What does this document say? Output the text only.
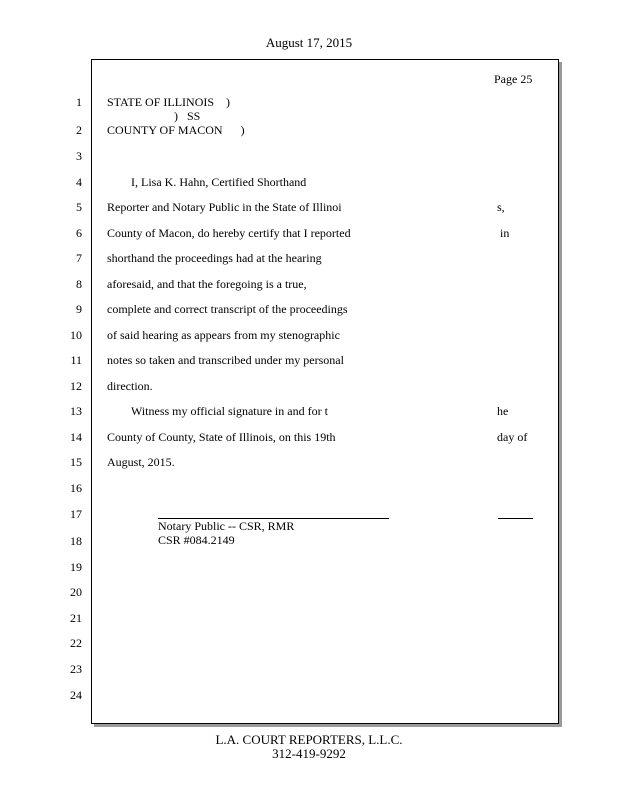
August 17, 2015
Page 25
1
2
3
4
5
6
7
8
9
10
11
12
13
14
15
16
17
18
19
20
21
22
23
24
STATE OF ILLINOIS    )
)   SS
COUNTY OF MACON      )
I, Lisa K. Hahn, Certified Shorthand
Reporter and Notary Public in the State of Illinoi	s,
County of Macon, do hereby certify that I reported	in
shorthand the proceedings had at the hearing
aforesaid, and that the foregoing is a true,
complete and correct transcript of the proceedings
of said hearing as appears from my stenographic
notes so taken and transcribed under my personal
direction.
Witness my official signature in and for t	he
County of County, State of Illinois, on this 19th	day of
August, 2015.
Notary Public -- CSR, RMR
CSR #084.2149
L.A. COURT REPORTERS, L.L.C.
312-419-9292
